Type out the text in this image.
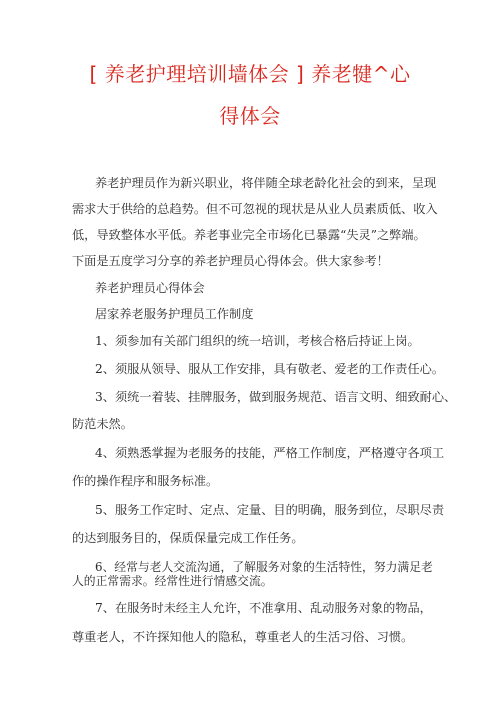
[ 养老护理培训墙体会 ] 养老犍^心
得体会

养老护理员作为新兴职业，将伴随全球老龄化社会的到来，呈现

需求大于供给的总趋势。但不可忽视的现状是从业人员素质低、收入

低，导致整体水平低。养老事业完全市场化已暴露“失灵”之弊端。

下面是五度学习分享的养老护理员心得体会。供大家参考！

养老护理员心得体会

居家养老服务护理员工作制度

1、须参加有关部门组织的统一培训，考核合格后持证上岗。

2、须服从领导、服从工作安排，具有敬老、爱老的工作责任心。

3、须统一着装、挂牌服务，做到服务规范、语言文明、细致耐心、

防范未然。

4、须熟悉掌握为老服务的技能，严格工作制度，严格遵守各项工

作的操作程序和服务标准。

5、服务工作定时、定点、定量、目的明确，服务到位，尽职尽责

的达到服务目的，保质保量完成工作任务。

6、经常与老人交流沟通，了解服务对象的生活特性，努力满足老

人的正常需求。经常性进行情感交流。

7、在服务时未经主人允许，不准拿用、乱动服务对象的物品，

尊重老人，不许探知他人的隐私，尊重老人的生活习俗、习惯。
